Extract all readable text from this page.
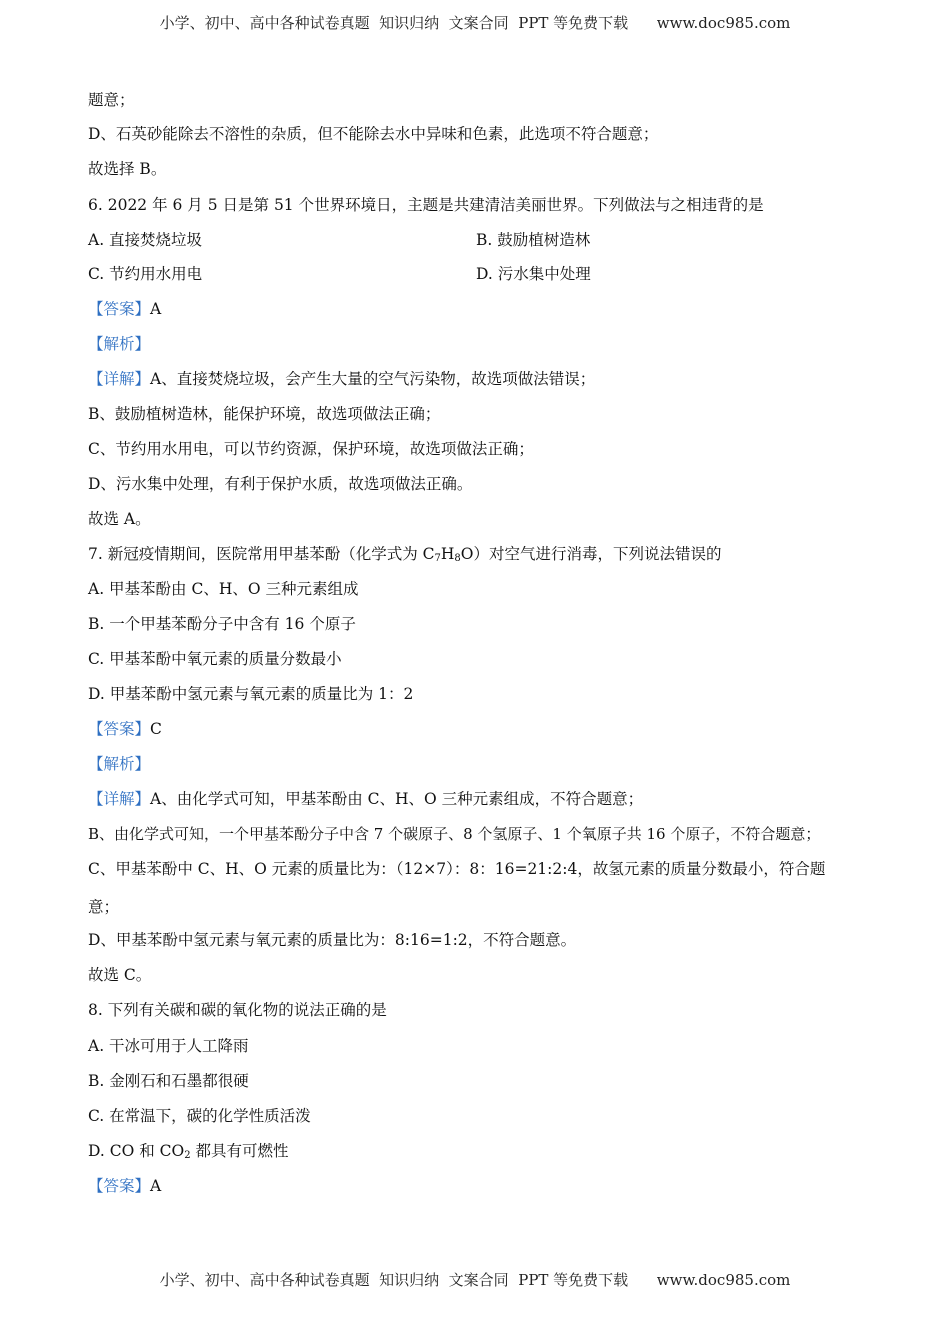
小学、初中、高中各种试卷真题  知识归纳  文案合同  PPT 等免费下载      www.doc985.com
题意；
D、石英砂能除去不溶性的杂质，但不能除去水中异味和色素，此选项不符合题意；
故选择 B。
6. 2022 年 6 月 5 日是第 51 个世界环境日，主题是共建清洁美丽世界。下列做法与之相违背的是
A. 直接焚烧垃圾	B. 鼓励植树造林
C. 节约用水用电	D. 污水集中处理
【答案】A
【解析】
【详解】A、直接焚烧垃圾，会产生大量的空气污染物，故选项做法错误；
B、鼓励植树造林，能保护环境，故选项做法正确；
C、节约用水用电，可以节约资源，保护环境，故选项做法正确；
D、污水集中处理，有利于保护水质，故选项做法正确。
故选 A。
7. 新冠疫情期间，医院常用甲基苯酚（化学式为 $C_7H_8O$）对空气进行消毒，下列说法错误的
A. 甲基苯酚由 C、H、O 三种元素组成
B. 一个甲基苯酚分子中含有 16 个原子
C. 甲基苯酚中氧元素的质量分数最小
D. 甲基苯酚中氢元素与氧元素的质量比为 1：2
【答案】C
【解析】
【详解】A、由化学式可知，甲基苯酚由 C、H、O 三种元素组成，不符合题意；
B、由化学式可知，一个甲基苯酚分子中含 7 个碳原子、8 个氢原子、1 个氧原子共 16 个原子，不符合题意；
C、甲基苯酚中 C、H、O 元素的质量比为：（12×7）：8：16=21:2:4，故氢元素的质量分数最小，符合题
意；
D、甲基苯酚中氢元素与氧元素的质量比为：8:16=1:2，不符合题意。
故选 C。
8. 下列有关碳和碳的氧化物的说法正确的是
A. 干冰可用于人工降雨
B. 金刚石和石墨都很硬
C. 在常温下，碳的化学性质活泼
D. CO 和 $CO_2$ 都具有可燃性
【答案】A
小学、初中、高中各种试卷真题  知识归纳  文案合同  PPT 等免费下载      www.doc985.com
